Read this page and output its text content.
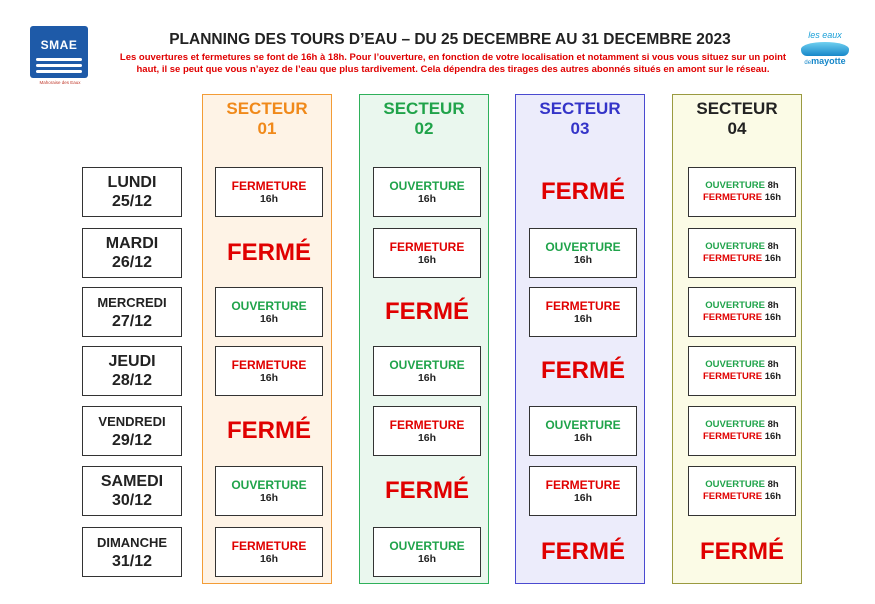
SMAE
Mahoraise des Eaux
les eaux
demayotte
PLANNING DES TOURS D’EAU – DU 25 DECEMBRE AU 31 DECEMBRE 2023
Les ouvertures et fermetures se font de 16h à 18h. Pour l’ouverture, en fonction de votre localisation et notamment si vous vous situez sur un point haut, il se peut que vous n’ayez de l’eau que plus tardivement. Cela dépendra des tirages des autres abonnés situés en amont sur le réseau.
SECTEUR
01
SECTEUR
02
SECTEUR
03
SECTEUR
04
LUNDI
25/12
MARDI
26/12
MERCREDI
27/12
JEUDI
28/12
VENDREDI
29/12
SAMEDI
30/12
DIMANCHE
31/12
FERMETURE
16h
FERMÉ
OUVERTURE
16h
FERMETURE
16h
FERMÉ
OUVERTURE
16h
FERMETURE
16h
OUVERTURE
16h
FERMETURE
16h
FERMÉ
OUVERTURE
16h
FERMETURE
16h
FERMÉ
OUVERTURE
16h
FERMÉ
OUVERTURE
16h
FERMETURE
16h
FERMÉ
OUVERTURE
16h
FERMETURE
16h
FERMÉ
OUVERTURE 8h
FERMETURE 16h
OUVERTURE 8h
FERMETURE 16h
OUVERTURE 8h
FERMETURE 16h
OUVERTURE 8h
FERMETURE 16h
OUVERTURE 8h
FERMETURE 16h
OUVERTURE 8h
FERMETURE 16h
FERMÉ
